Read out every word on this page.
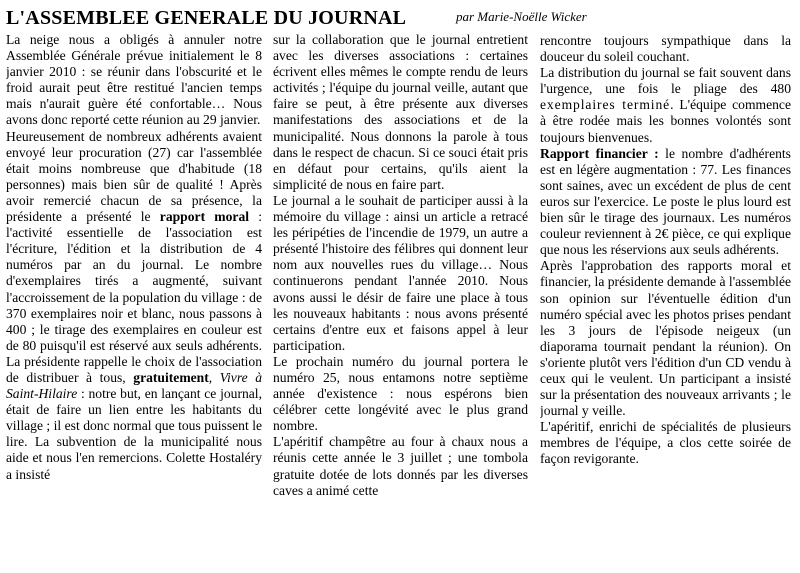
L'ASSEMBLEE GENERALE DU JOURNAL	par Marie-Noëlle Wicker

La neige nous a obligés à annuler notre Assemblée Générale prévue initialement le 8 janvier 2010 : se réunir dans l'obscurité et le froid aurait peut être restitué l'ancien temps mais n'aurait guère été confortable… Nous avons donc reporté cette réunion au 29 janvier.

Heureusement de nombreux adhérents avaient envoyé leur procuration (27) car l'assemblée était moins nombreuse que d'habitude (18 personnes) mais bien sûr de qualité ! Après avoir remercié chacun de sa présence, la présidente a présenté le rapport moral : l'activité essentielle de l'association est l'écriture, l'édition et la distribution de 4 numéros par an du journal. Le nombre d'exemplaires tirés a augmenté, suivant l'accroissement de la population du village : de 370 exemplaires noir et blanc, nous passons à 400 ; le tirage des exemplaires en couleur est de 80 puisqu'il est réservé aux seuls adhérents. La présidente rappelle le choix de l'association de distribuer à tous, gratuitement, Vivre à Saint-Hilaire : notre but, en lançant ce journal, était de faire un lien entre les habitants du village ; il est donc normal que tous puissent le lire. La subvention de la municipalité nous aide et nous l'en remercions. Colette Hostaléry a insisté

sur la collaboration que le journal entretient avec les diverses associations : certaines écrivent elles mêmes le compte rendu de leurs activités ; l'équipe du journal veille, autant que faire se peut, à être présente aux diverses manifestations des associations et de la municipalité. Nous donnons la parole à tous dans le respect de chacun. Si ce souci était pris en défaut pour certains, qu'ils aient la simplicité de nous en faire part.

Le journal a le souhait de participer aussi à la mémoire du village : ainsi un article a retracé les péripéties de l'incendie de 1979, un autre a présenté l'histoire des félibres qui donnent leur nom aux nouvelles rues du village… Nous continuerons pendant l'année 2010. Nous avons aussi le désir de faire une place à tous les nouveaux habitants : nous avons présenté certains d'entre eux et faisons appel à leur participation.

Le prochain numéro du journal portera le numéro 25, nous entamons notre septième année d'existence : nous espérons bien célébrer cette longévité avec le plus grand nombre.

L'apéritif champêtre au four à chaux nous a réunis cette année le 3 juillet ; une tombola gratuite dotée de lots donnés par les diverses caves a animé cette

rencontre toujours sympathique dans la douceur du soleil couchant.

La distribution du journal se fait souvent dans l'urgence, une fois le pliage des 480 exemplaires terminé. L'équipe commence à être rodée mais les bonnes volontés sont toujours bienvenues.

Rapport financier : le nombre d'adhérents est en légère augmentation : 77. Les finances sont saines, avec un excédent de plus de cent euros sur l'exercice. Le poste le plus lourd est bien sûr le tirage des journaux. Les numéros couleur reviennent à 2€ pièce, ce qui explique que nous les réservions aux seuls adhérents.

Après l'approbation des rapports moral et financier, la présidente demande à l'assemblée son opinion sur l'éventuelle édition d'un numéro spécial avec les photos prises pendant les 3 jours de l'épisode neigeux (un diaporama tournait pendant la réunion). On s'oriente plutôt vers l'édition d'un CD vendu à ceux qui le veulent. Un participant a insisté sur la présentation des nouveaux arrivants ; le journal y veille.

L'apéritif, enrichi de spécialités de plusieurs membres de l'équipe, a clos cette soirée de façon revigorante.
